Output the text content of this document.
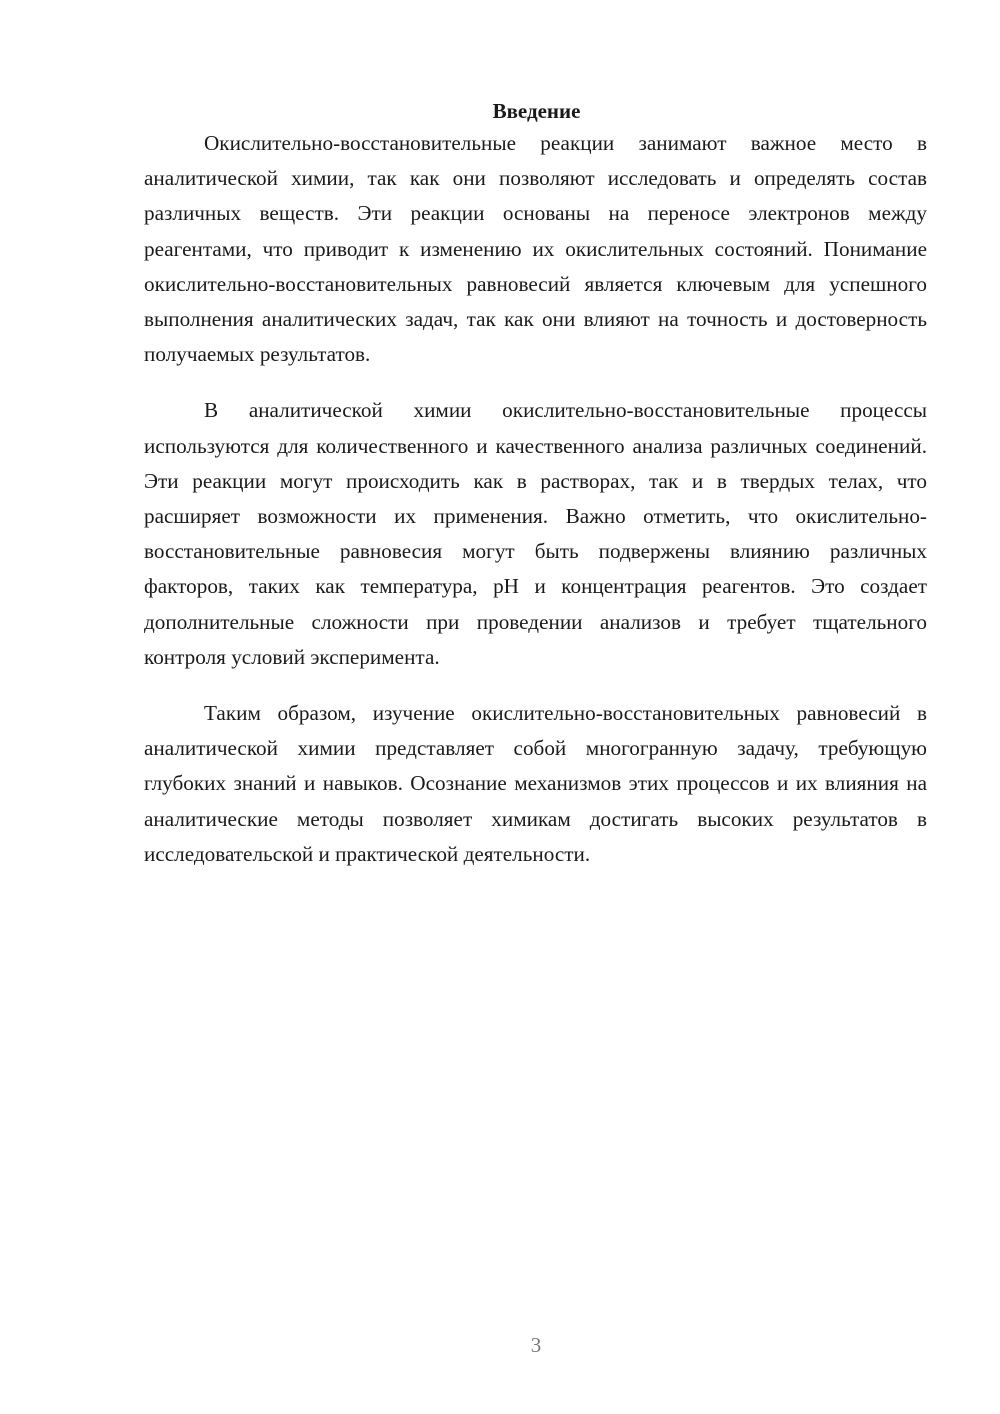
Введение

Окислительно-восстановительные реакции занимают важное место в аналитической химии, так как они позволяют исследовать и определять состав различных веществ. Эти реакции основаны на переносе электронов между реагентами, что приводит к изменению их окислительных состояний. Понимание окислительно-восстановительных равновесий является ключевым для успешного выполнения аналитических задач, так как они влияют на точность и достоверность получаемых результатов.

В аналитической химии окислительно-восстановительные процессы используются для количественного и качественного анализа различных соединений. Эти реакции могут происходить как в растворах, так и в твердых телах, что расширяет возможности их применения. Важно отметить, что окислительно-восстановительные равновесия могут быть подвержены влиянию различных факторов, таких как температура, pH и концентрация реагентов. Это создает дополнительные сложности при проведении анализов и требует тщательного контроля условий эксперимента.

Таким образом, изучение окислительно-восстановительных равновесий в аналитической химии представляет собой многогранную задачу, требующую глубоких знаний и навыков. Осознание механизмов этих процессов и их влияния на аналитические методы позволяет химикам достигать высоких результатов в исследовательской и практической деятельности.

3
